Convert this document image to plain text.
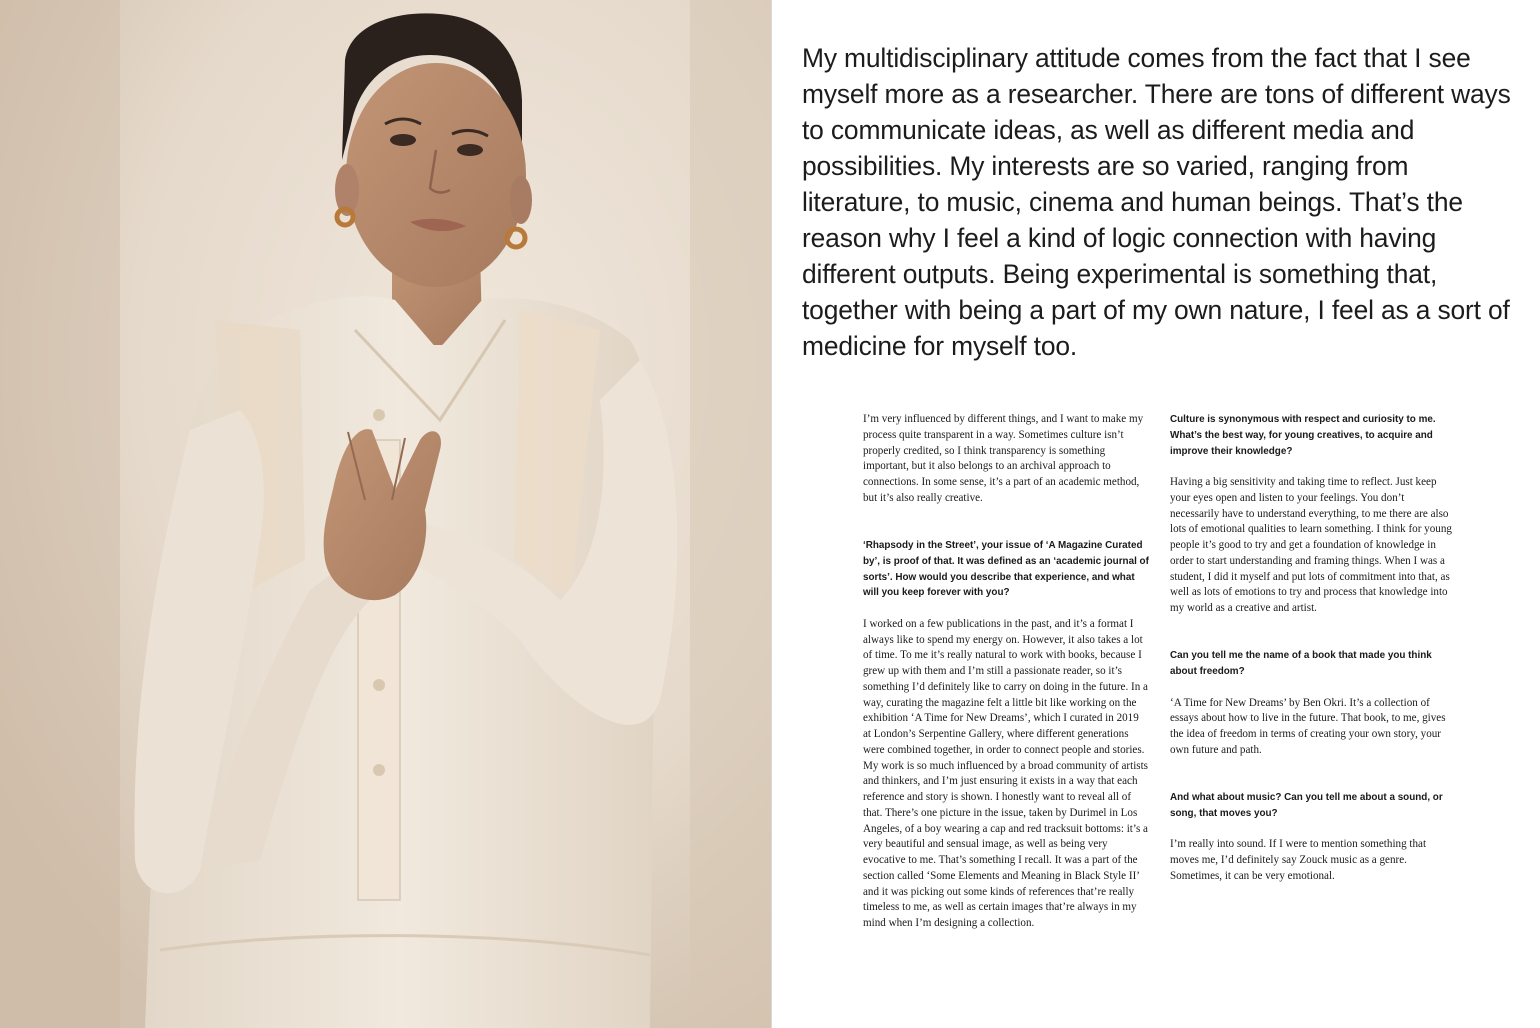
My multidisciplinary attitude comes from the fact that I see myself more as a researcher. There are tons of different ways to communicate ideas, as well as different media and possibilities. My interests are so varied, ranging from literature, to music, cinema and human beings. That’s the reason why I feel a kind of logic connection with having different outputs. Being experimental is something that, together with being a part of my own nature, I feel as a sort of medicine for myself too.

I’m very influenced by different things, and I want to make my process quite transparent in a way. Sometimes culture isn’t properly credited, so I think transparency is something important, but it also belongs to an archival approach to connections. In some sense, it’s a part of an academic method, but it’s also really creative.

‘Rhapsody in the Street’, your issue of ‘A Magazine Curated by’, is proof of that. It was defined as an ‘academic journal of sorts’. How would you describe that experience, and what will you keep forever with you?

I worked on a few publications in the past, and it’s a format I always like to spend my energy on. However, it also takes a lot of time. To me it’s really natural to work with books, because I grew up with them and I’m still a passionate reader, so it’s something I’d definitely like to carry on doing in the future. In a way, curating the magazine felt a little bit like working on the exhibition ‘A Time for New Dreams’, which I curated in 2019 at London’s Serpentine Gallery, where different generations were combined together, in order to connect people and stories. My work is so much influenced by a broad community of artists and thinkers, and I’m just ensuring it exists in a way that each reference and story is shown. I honestly want to reveal all of that. There’s one picture in the issue, taken by Durimel in Los Angeles, of a boy wearing a cap and red tracksuit bottoms: it’s a very beautiful and sensual image, as well as being very evocative to me. That’s something I recall. It was a part of the section called ‘Some Elements and Meaning in Black Style II’ and it was picking out some kinds of references that’re really timeless to me, as well as certain images that’re always in my mind when I’m designing a collection.

Culture is synonymous with respect and curiosity to me. What’s the best way, for young creatives, to acquire and improve their knowledge?

Having a big sensitivity and taking time to reflect. Just keep your eyes open and listen to your feelings. You don’t necessarily have to understand everything, to me there are also lots of emotional qualities to learn something. I think for young people it’s good to try and get a foundation of knowledge in order to start understanding and framing things. When I was a student, I did it myself and put lots of commitment into that, as well as lots of emotions to try and process that knowledge into my world as a creative and artist.

Can you tell me the name of a book that made you think about freedom?

‘A Time for New Dreams’ by Ben Okri. It’s a collection of essays about how to live in the future. That book, to me, gives the idea of freedom in terms of creating your own story, your own future and path.

And what about music? Can you tell me about a sound, or song, that moves you?

I’m really into sound. If I were to mention something that moves me, I’d definitely say Zouck music as a genre. Sometimes, it can be very emotional.
